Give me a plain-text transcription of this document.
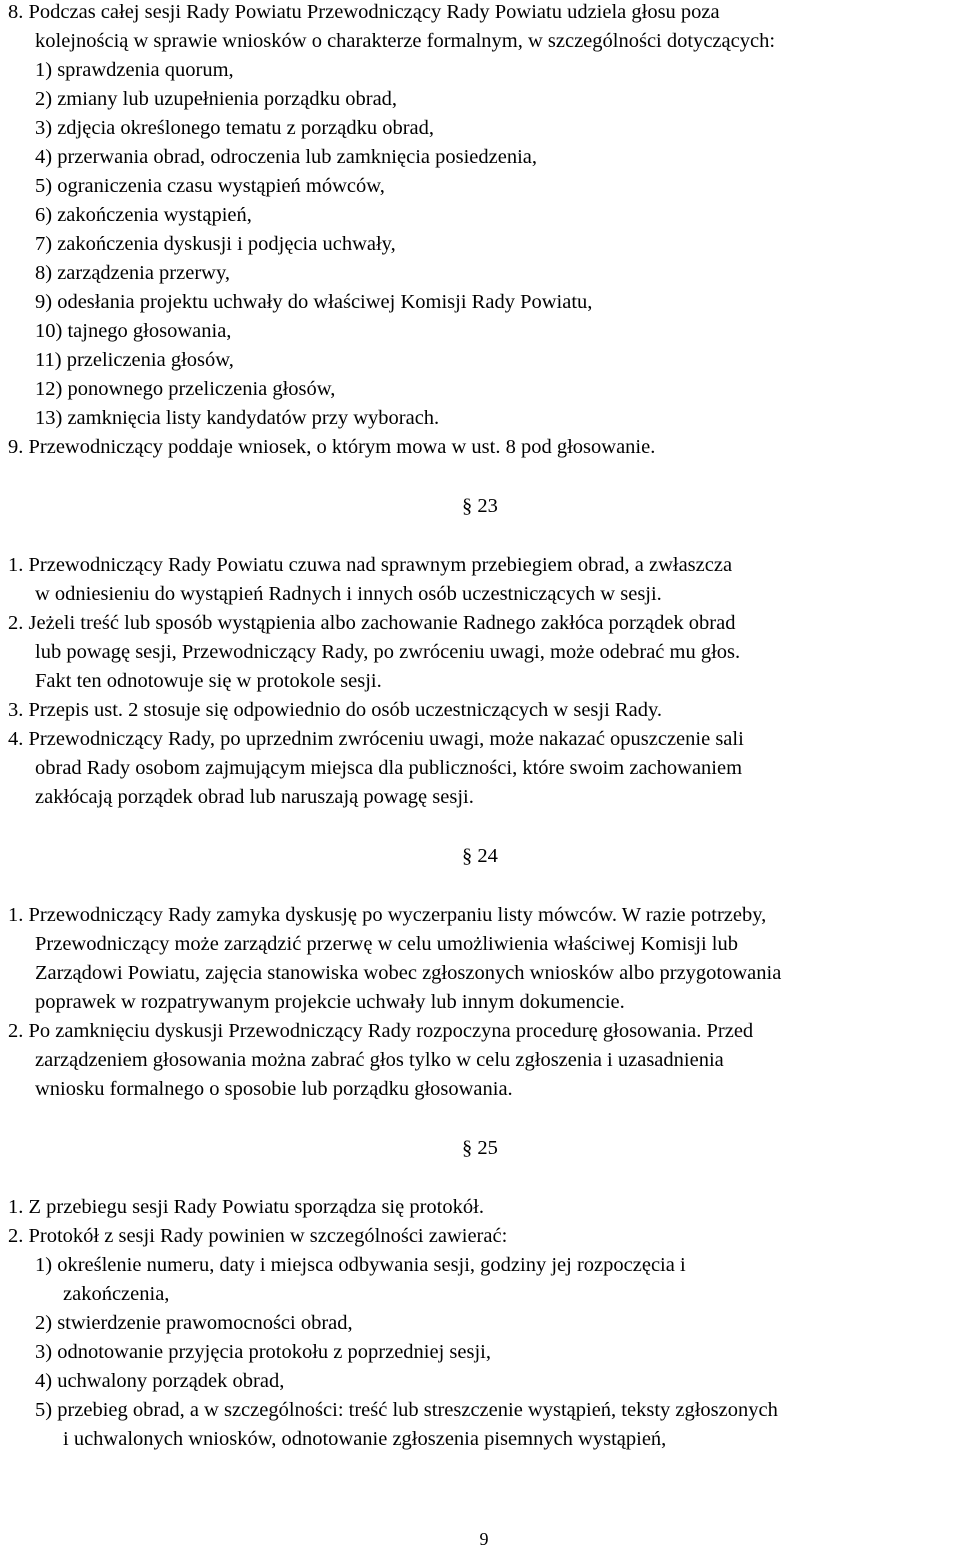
9
8. Podczas całej sesji Rady Powiatu Przewodniczący Rady Powiatu udziela głosu poza
kolejnością w sprawie wniosków o charakterze formalnym, w szczególności dotyczących:
1) sprawdzenia quorum,
2) zmiany lub uzupełnienia porządku obrad,
3) zdjęcia określonego tematu z porządku obrad,
4) przerwania obrad, odroczenia lub zamknięcia posiedzenia,
5) ograniczenia czasu wystąpień mówców,
6) zakończenia wystąpień,
7) zakończenia dyskusji i podjęcia uchwały,
8) zarządzenia przerwy,
9) odesłania projektu uchwały do właściwej Komisji Rady Powiatu,
10) tajnego głosowania,
11) przeliczenia głosów,
12) ponownego przeliczenia głosów,
13) zamknięcia listy kandydatów przy wyborach.
9. Przewodniczący poddaje wniosek, o którym mowa w ust. 8 pod głosowanie.
§ 23
1. Przewodniczący Rady Powiatu czuwa nad sprawnym przebiegiem obrad, a zwłaszcza
w odniesieniu do wystąpień Radnych i innych osób uczestniczących w sesji.
2. Jeżeli treść lub sposób wystąpienia albo zachowanie Radnego zakłóca porządek obrad
lub powagę sesji, Przewodniczący Rady, po zwróceniu uwagi, może odebrać mu głos.
Fakt ten odnotowuje się w protokole sesji.
3. Przepis ust. 2 stosuje się odpowiednio do osób uczestniczących w sesji Rady.
4. Przewodniczący Rady, po uprzednim zwróceniu uwagi, może nakazać opuszczenie sali
obrad Rady osobom zajmującym miejsca dla publiczności, które swoim zachowaniem
zakłócają porządek obrad lub naruszają powagę sesji.
§ 24
1. Przewodniczący Rady zamyka dyskusję po wyczerpaniu listy mówców. W razie potrzeby,
Przewodniczący może zarządzić przerwę w celu umożliwienia właściwej Komisji lub
Zarządowi Powiatu, zajęcia stanowiska wobec zgłoszonych wniosków albo przygotowania
poprawek w rozpatrywanym projekcie uchwały lub innym dokumencie.
2. Po zamknięciu dyskusji Przewodniczący Rady rozpoczyna procedurę głosowania. Przed
zarządzeniem głosowania można zabrać głos tylko w celu zgłoszenia i uzasadnienia
wniosku formalnego o sposobie lub porządku głosowania.
§ 25
1. Z przebiegu sesji Rady Powiatu sporządza się protokół.
2. Protokół z sesji Rady powinien w szczególności zawierać:
1) określenie numeru, daty i miejsca odbywania sesji, godziny jej rozpoczęcia i
zakończenia,
2) stwierdzenie prawomocności obrad,
3) odnotowanie przyjęcia protokołu z poprzedniej sesji,
4) uchwalony porządek obrad,
5) przebieg obrad, a w szczególności: treść lub streszczenie wystąpień, teksty zgłoszonych
i uchwalonych wniosków, odnotowanie zgłoszenia pisemnych wystąpień,
